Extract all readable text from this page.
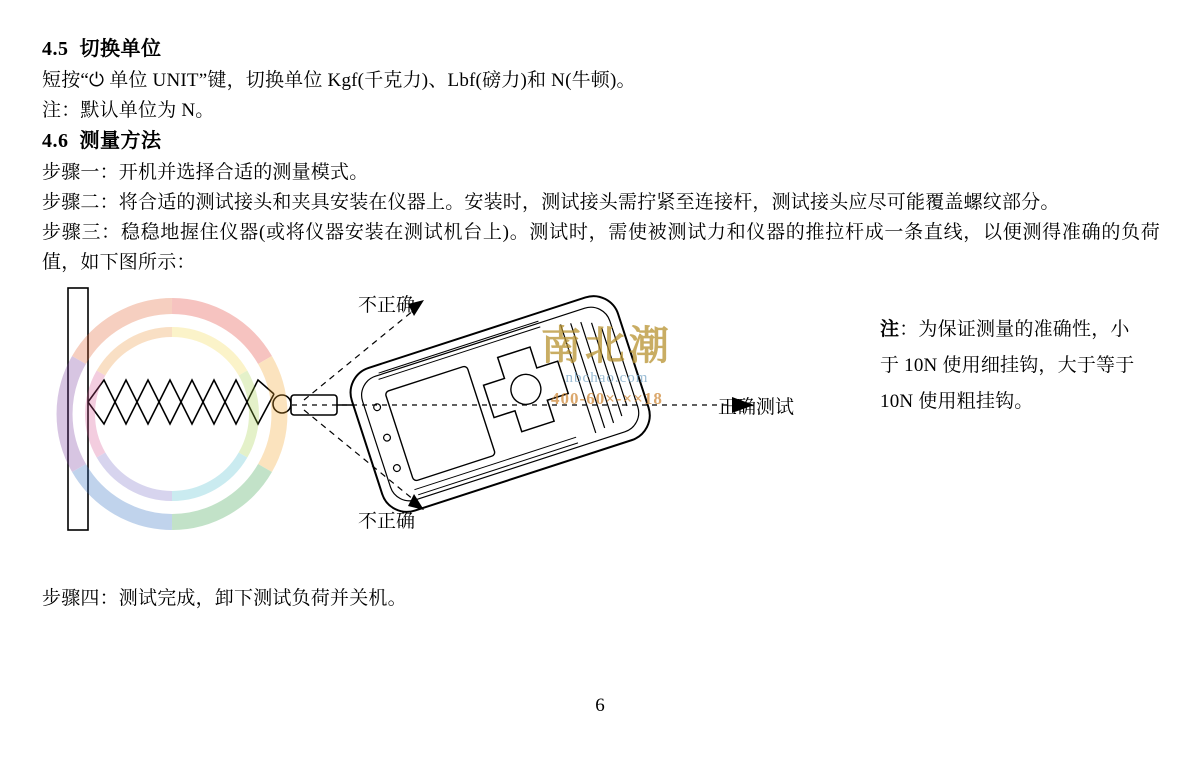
4.5 切换单位

短按“⏻ 单位 UNIT”键，切换单位 Kgf(千克力)、Lbf(磅力)和 N(牛顿)。

注：默认单位为 N。

4.6 测量方法

步骤一：开机并选择合适的测量模式。

步骤二：将合适的测试接头和夹具安装在仪器上。安装时，测试接头需拧紧至连接杆，测试接头应尽可能覆盖螺纹部分。

步骤三：稳稳地握住仪器(或将仪器安装在测试机台上)。测试时，需使被测试力和仪器的推拉杆成一条直线，以便测得准确的负荷值，如下图所示：

南北潮
nbchao.com
400-60×-××18
不正确
不正确
正确测试
注：为保证测量的准确性，小于 10N 使用细挂钩，大于等于 10N 使用粗挂钩。

步骤四：测试完成，卸下测试负荷并关机。

6
